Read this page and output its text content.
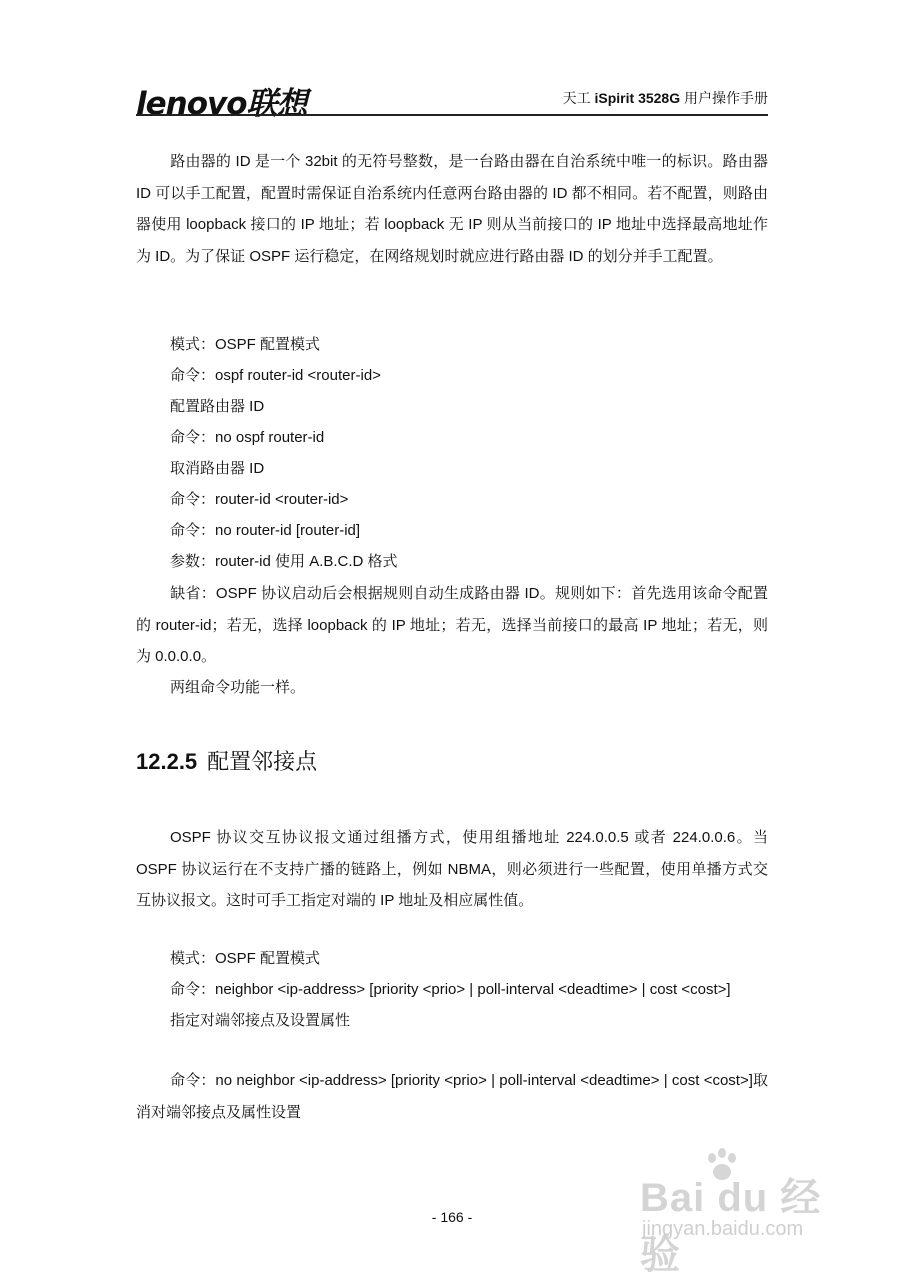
lenovo联想	天工 iSpirit 3528G 用户操作手册

路由器的 ID 是一个 32bit 的无符号整数，是一台路由器在自治系统中唯一的标识。路由器 ID 可以手工配置，配置时需保证自治系统内任意两台路由器的 ID 都不相同。若不配置，则路由器使用 loopback 接口的 IP 地址；若 loopback 无 IP 则从当前接口的 IP 地址中选择最高地址作为 ID。为了保证 OSPF 运行稳定，在网络规划时就应进行路由器 ID 的划分并手工配置。

模式：OSPF 配置模式
命令：ospf router-id <router-id>
配置路由器 ID
命令：no ospf router-id
取消路由器 ID
命令：router-id <router-id>
命令：no router-id [router-id]
参数：router-id 使用 A.B.C.D 格式

缺省：OSPF 协议启动后会根据规则自动生成路由器 ID。规则如下：首先选用该命令配置的 router-id；若无，选择 loopback 的 IP 地址；若无，选择当前接口的最高 IP 地址；若无，则为 0.0.0.0。

两组命令功能一样。
12.2.5 配置邻接点

OSPF 协议交互协议报文通过组播方式，使用组播地址 224.0.0.5 或者 224.0.0.6。当 OSPF 协议运行在不支持广播的链路上，例如 NBMA，则必须进行一些配置，使用单播方式交互协议报文。这时可手工指定对端的 IP 地址及相应属性值。

模式：OSPF 配置模式
命令：neighbor <ip-address> [priority <prio> | poll-interval <deadtime> | cost <cost>]
指定对端邻接点及设置属性

命令：no neighbor <ip-address> [priority <prio> | poll-interval <deadtime> | cost <cost>]取消对端邻接点及属性设置

- 166 -	Bai du 经验
jingyan.baidu.com
